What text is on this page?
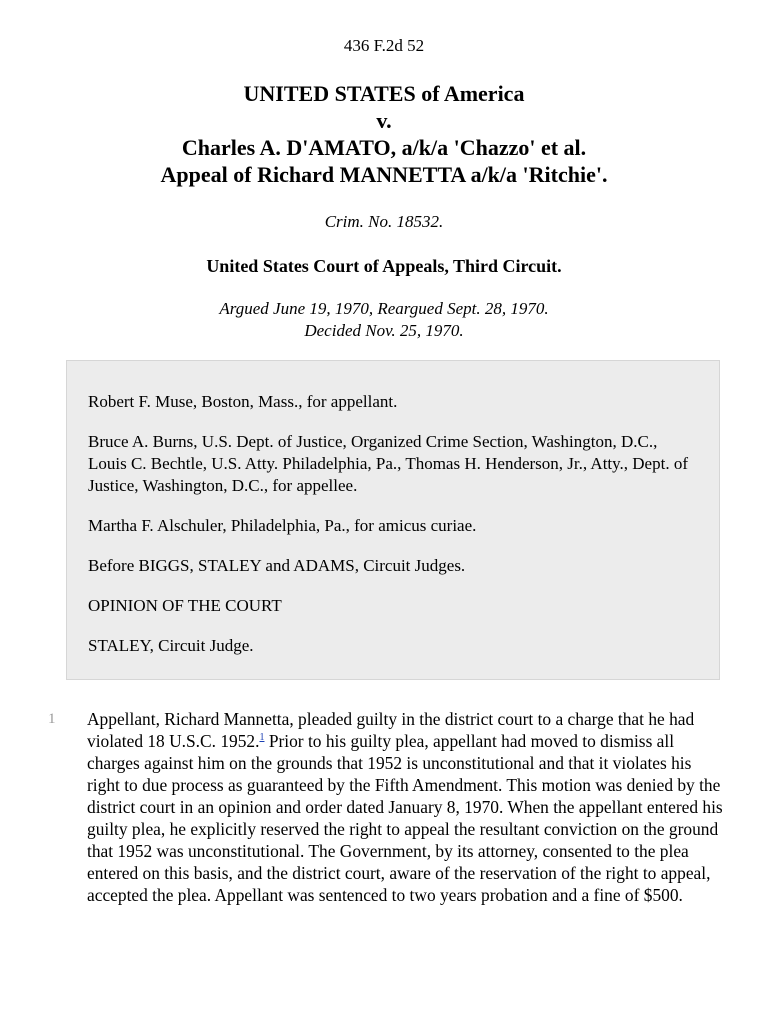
436 F.2d 52
UNITED STATES of America
v.
Charles A. D'AMATO, a/k/a 'Chazzo' et al.
Appeal of Richard MANNETTA a/k/a 'Ritchie'.
Crim. No. 18532.
United States Court of Appeals, Third Circuit.
Argued June 19, 1970, Reargued Sept. 28, 1970.
Decided Nov. 25, 1970.

Robert F. Muse, Boston, Mass., for appellant.

Bruce A. Burns, U.S. Dept. of Justice, Organized Crime Section, Washington, D.C., Louis C. Bechtle, U.S. Atty. Philadelphia, Pa., Thomas H. Henderson, Jr., Atty., Dept. of Justice, Washington, D.C., for appellee.

Martha F. Alschuler, Philadelphia, Pa., for amicus curiae.

Before BIGGS, STALEY and ADAMS, Circuit Judges.

OPINION OF THE COURT

STALEY, Circuit Judge.

1 Appellant, Richard Mannetta, pleaded guilty in the district court to a charge that he had violated 18 U.S.C. 1952.$^1$ Prior to his guilty plea, appellant had moved to dismiss all charges against him on the grounds that 1952 is unconstitutional and that it violates his right to due process as guaranteed by the Fifth Amendment. This motion was denied by the district court in an opinion and order dated January 8, 1970. When the appellant entered his guilty plea, he explicitly reserved the right to appeal the resultant conviction on the ground that 1952 was unconstitutional. The Government, by its attorney, consented to the plea entered on this basis, and the district court, aware of the reservation of the right to appeal, accepted the plea. Appellant was sentenced to two years probation and a fine of $500.
